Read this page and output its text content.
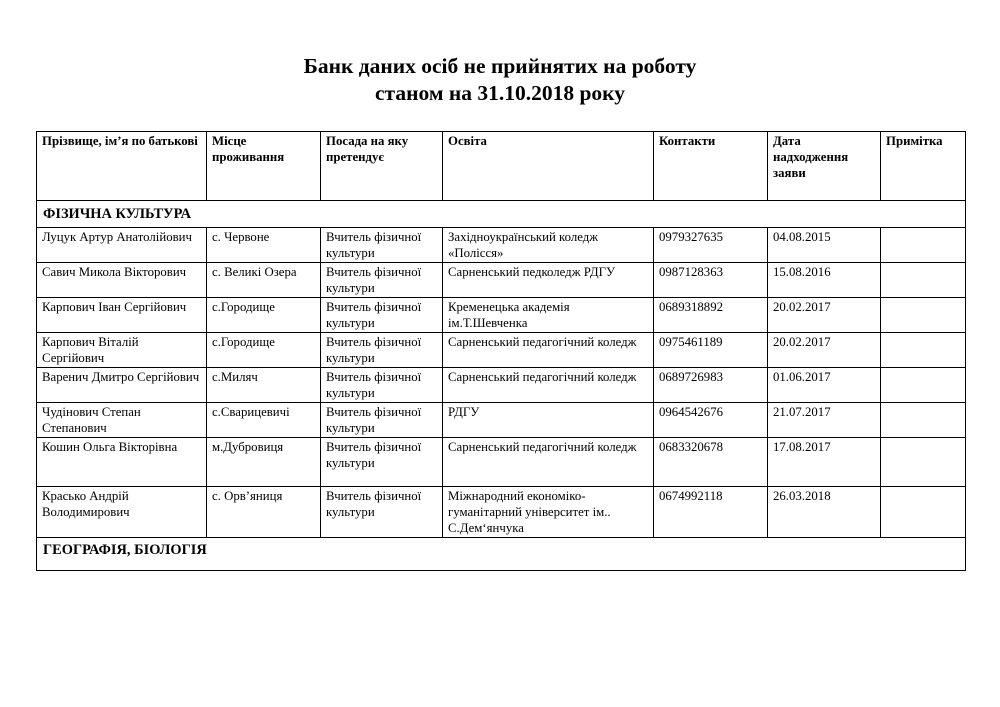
Банк даних осіб не прийнятих на роботу
станом на 31.10.2018 року
Прізвище, ім’я по батькові	Місце проживання	Посада на яку претендує	Освіта	Контакти	Дата надходження заяви	Примітка
ФІЗИЧНА КУЛЬТУРА						
Луцук Артур Анатолійович	с. Червоне	Вчитель фізичної культури	Західноукраїнський коледж «Полісся»	0979327635	04.08.2015	
Савич Микола Вікторович	с. Великі Озера	Вчитель фізичної культури	Сарненський педколедж РДГУ	0987128363	15.08.2016	
Карпович Іван Сергійович	с.Городище	Вчитель фізичної культури	Кременецька академія ім.Т.Шевченка	0689318892	20.02.2017	
Карпович Віталій Сергійович	с.Городище	Вчитель фізичної культури	Сарненський педагогічний коледж	0975461189	20.02.2017	
Варенич Дмитро Сергійович	с.Миляч	Вчитель фізичної культури	Сарненський педагогічний коледж	0689726983	01.06.2017	
Чудінович Степан Степанович	с.Сварицевичі	Вчитель фізичної культури	РДГУ	0964542676	21.07.2017	
Кошин Ольга Вікторівна	м.Дубровиця	Вчитель фізичної культури	Сарненський педагогічний коледж	0683320678	17.08.2017	
Красько Андрій Володимирович	с. Орв’яниця	Вчитель фізичної культури	Міжнародний економіко-гуманітарний університет ім.. С.Дем‘янчука	0674992118	26.03.2018	
ГЕОГРАФІЯ, БІОЛОГІЯ						
